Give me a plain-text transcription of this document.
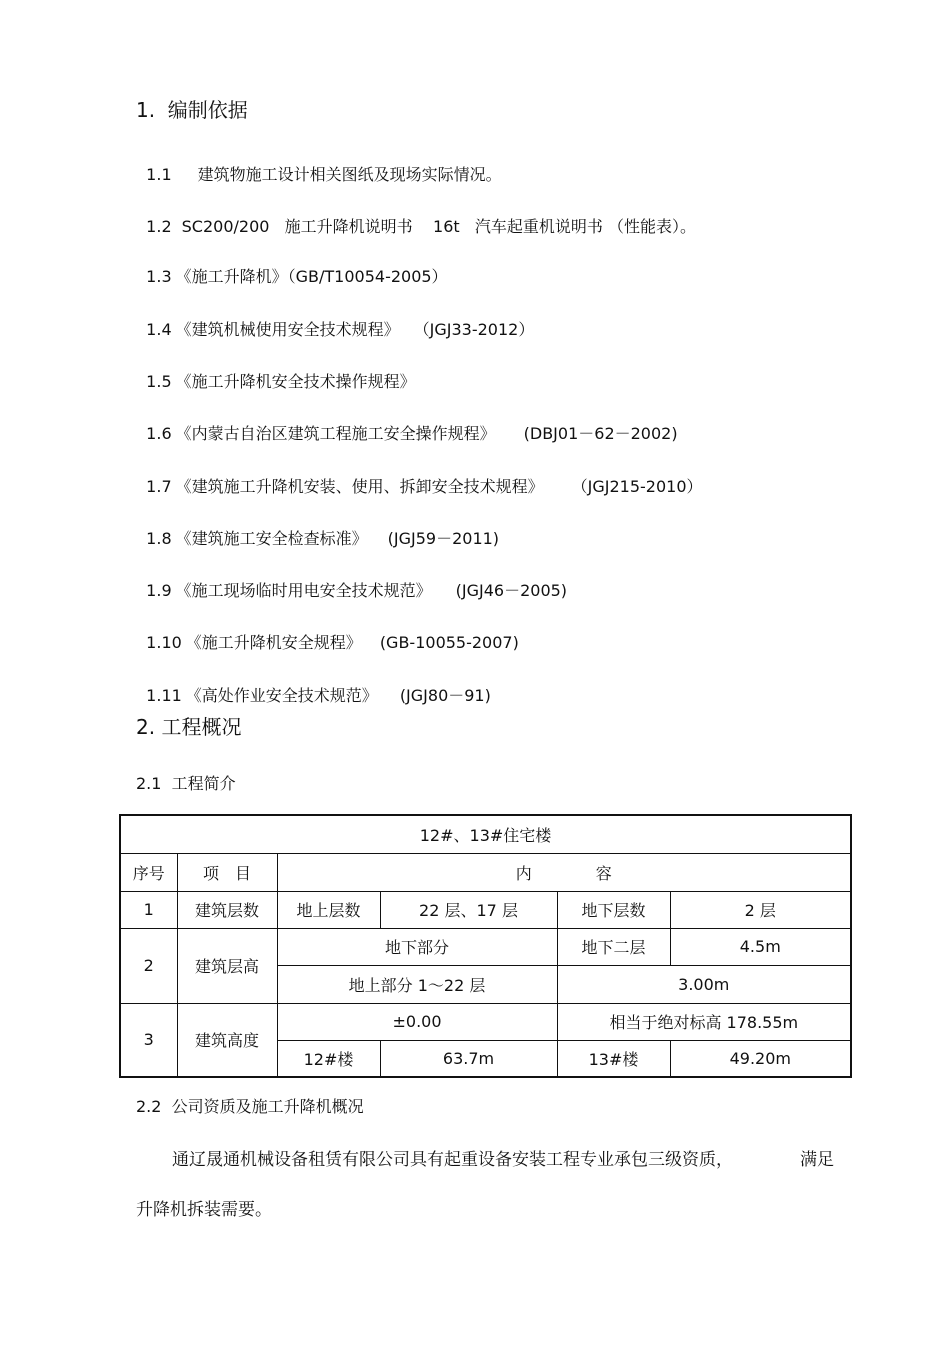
1.  编制依据

1.1 建筑物施工设计相关图纸及现场实际情况。

1.2 SC200/200   施工升降机说明书    16t   汽车起重机说明书 （性能表）。

1.3 《施工升降机》（GB/T10054-2005）

1.4 《建筑机械使用安全技术规程》 （JGJ33-2012）

1.5 《施工升降机安全技术操作规程》

1.6 《内蒙古自治区建筑工程施工安全操作规程》 (DBJ01－62－2002)

1.7 《建筑施工升降机安装、使用、拆卸安全技术规程》 （JGJ215-2010）

1.8 《建筑施工安全检查标准》 (JGJ59－2011)

1.9 《施工现场临时用电安全技术规范》 (JGJ46－2005)

1.10 《施工升降机安全规程》 (GB-10055-2007)

1.11 《高处作业安全技术规范》 (JGJ80－91)

2. 工程概况
2.1  工程简介
12#、13#住宅楼					
序号	项　目	内　　　　容			
1	建筑层数	地上层数	22 层、17 层	地下层数	2 层
2	建筑层高	地下部分		地下二层	4.5m
		地上部分 1～22 层		3.00m	
3	建筑高度	±0.00		相当于绝对标高 178.55m	
		12#楼	63.7m	13#楼	49.20m
2.2  公司资质及施工升降机概况
通辽晟通机械设备租赁有限公司具有起重设备安装工程专业承包三级资质，	满足
升降机拆装需要。
